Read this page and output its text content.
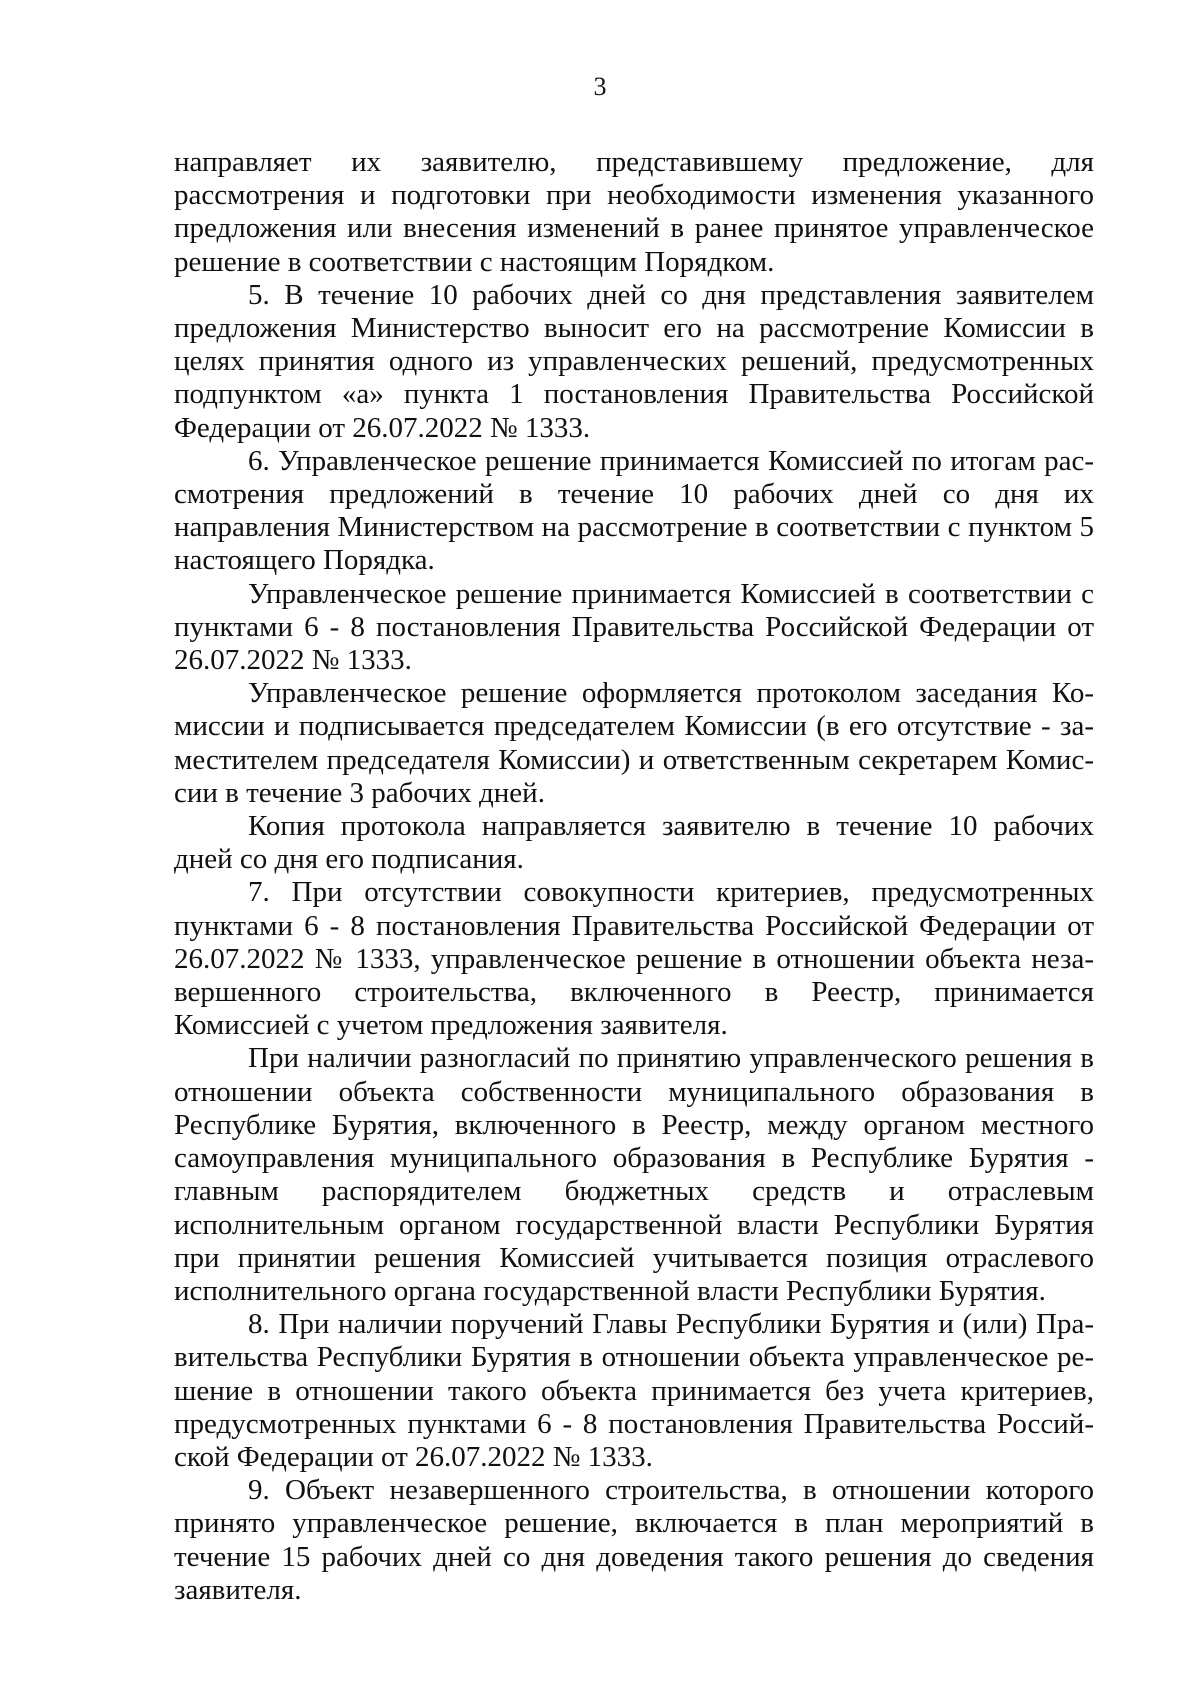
3

направляет их заявителю, представившему предложение, для рассмотрения и подготовки при необходимости изменения указанного предложения или внесения изменений в ранее принятое управленческое решение в соответствии с настоящим Порядком.

5. В течение 10 рабочих дней со дня представления заявителем предложения Министерство выносит его на рассмотрение Комиссии в целях принятия одного из управленческих решений, предусмотренных подпунктом «а» пункта 1 постановления Правительства Российской Федерации от 26.07.2022 № 1333.

6. Управленческое решение принимается Комиссией по итогам рассмотрения предложений в течение 10 рабочих дней со дня их направления Министерством на рассмотрение в соответствии с пунктом 5 настоящего Порядка.

Управленческое решение принимается Комиссией в соответствии с пунктами 6 - 8 постановления Правительства Российской Федерации от 26.07.2022 № 1333.

Управленческое решение оформляется протоколом заседания Комиссии и подписывается председателем Комиссии (в его отсутствие - заместителем председателя Комиссии) и ответственным секретарем Комиссии в течение 3 рабочих дней.

Копия протокола направляется заявителю в течение 10 рабочих дней со дня его подписания.

7. При отсутствии совокупности критериев, предусмотренных пунктами 6 - 8 постановления Правительства Российской Федерации от 26.07.2022 № 1333, управленческое решение в отношении объекта незавершенного строительства, включенного в Реестр, принимается Комиссией с учетом предложения заявителя.

При наличии разногласий по принятию управленческого решения в отношении объекта собственности муниципального образования в Республике Бурятия, включенного в Реестр, между органом местного самоуправления муниципального образования в Республике Бурятия - главным распорядителем бюджетных средств и отраслевым исполнительным органом государственной власти Республики Бурятия при принятии решения Комиссией учитывается позиция отраслевого исполнительного органа государственной власти Республики Бурятия.

8. При наличии поручений Главы Республики Бурятия и (или) Правительства Республики Бурятия в отношении объекта управленческое решение в отношении такого объекта принимается без учета критериев, предусмотренных пунктами 6 - 8 постановления Правительства Российской Федерации от 26.07.2022 № 1333.

9. Объект незавершенного строительства, в отношении которого принято управленческое решение, включается в план мероприятий в течение 15 рабочих дней со дня доведения такого решения до сведения заявителя.
